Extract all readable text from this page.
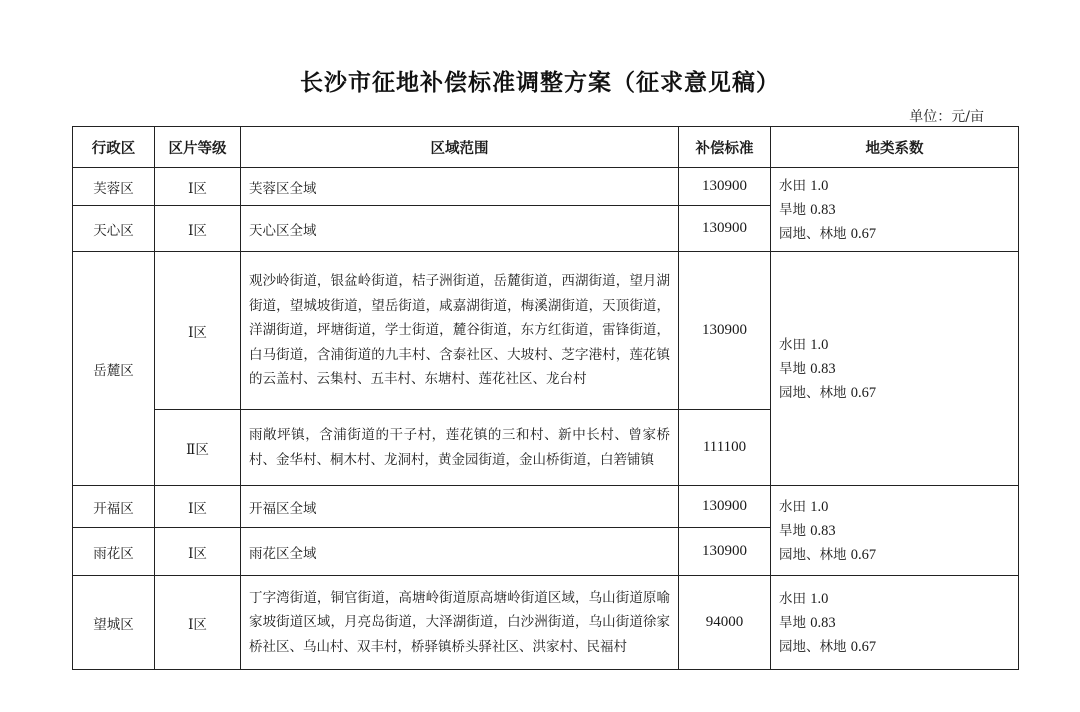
长沙市征地补偿标准调整方案（征求意见稿）
单位：元/亩
行政区	区片等级	区域范围	补偿标准	地类系数
芙蓉区	Ⅰ区	芙蓉区全域	130900	水田 1.0
旱地 0.83
园地、林地 0.67

天心区	Ⅰ区	天心区全域	130900	
岳麓区	Ⅰ区	观沙岭街道，银盆岭街道，桔子洲街道，岳麓街道，西湖街道，望月湖街道，望城坡街道，望岳街道，咸嘉湖街道，梅溪湖街道，天顶街道，洋湖街道，坪塘街道，学士街道，麓谷街道，东方红街道，雷锋街道，白马街道，含浦街道的九丰村、含泰社区、大坡村、芝字港村，莲花镇的云盖村、云集村、五丰村、东塘村、莲花社区、龙台村	130900	水田 1.0
旱地 0.83
园地、林地 0.67

	Ⅱ区	雨敞坪镇，含浦街道的干子村，莲花镇的三和村、新中长村、曾家桥村、金华村、桐木村、龙洞村，黄金园街道，金山桥街道，白箬铺镇	111100	
开福区	Ⅰ区	开福区全域	130900	水田 1.0
旱地 0.83
园地、林地 0.67

雨花区	Ⅰ区	雨花区全域	130900	
望城区	Ⅰ区	丁字湾街道，铜官街道，高塘岭街道原高塘岭街道区域，乌山街道原喻家坡街道区域，月亮岛街道，大泽湖街道，白沙洲街道，乌山街道徐家桥社区、乌山村、双丰村，桥驿镇桥头驿社区、洪家村、民福村	94000	水田 1.0
旱地 0.83
园地、林地 0.67
